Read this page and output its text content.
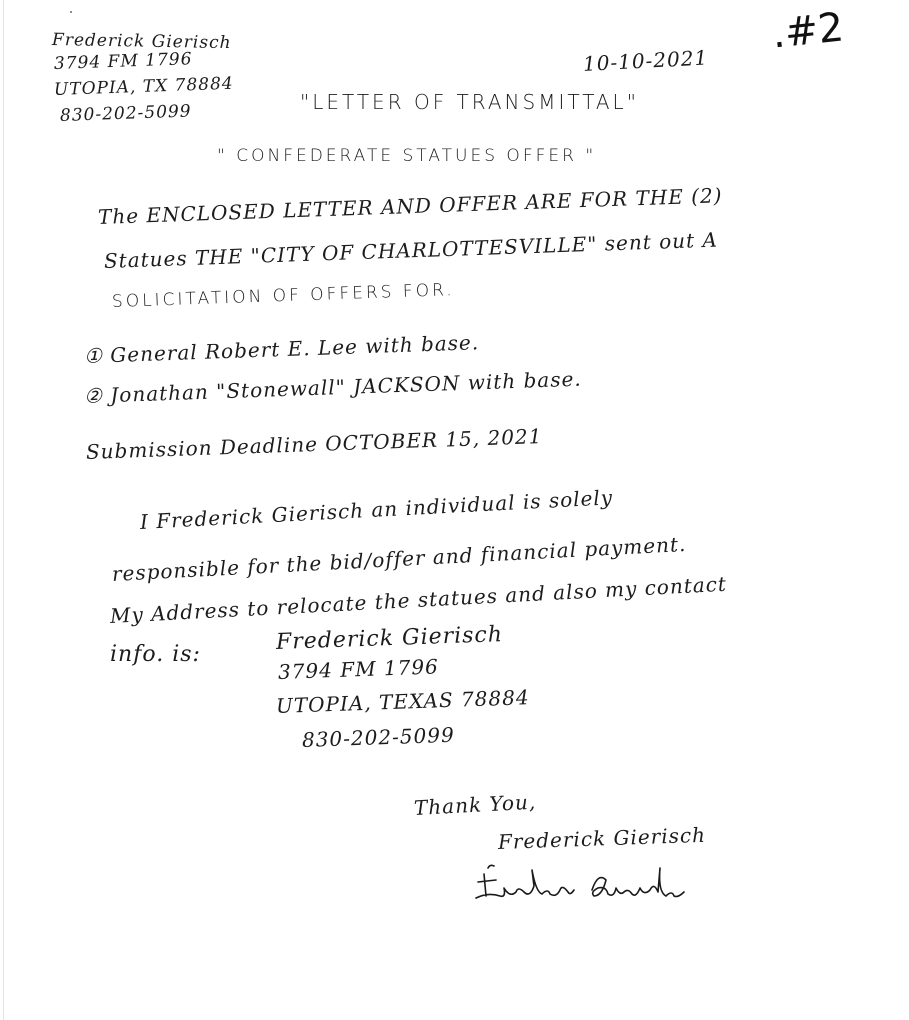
.#2
Frederick Gierisch
3794 FM 1796
UTOPIA, TX 78884
830-202-5099
10-10-2021
"LETTER OF TRANSMITTAL"
" CONFEDERATE STATUES OFFER "
The ENCLOSED LETTER AND OFFER ARE FOR THE (2)
Statues THE "CITY OF CHARLOTTESVILLE" sent out A
SOLICITATION OF OFFERS FOR.
① General Robert E. Lee with base.
② Jonathan "Stonewall" JACKSON with base.
Submission Deadline OCTOBER 15, 2021
I Frederick Gierisch an individual is solely
responsible for the bid/offer and financial payment.
My Address to relocate the statues and also my contact
info. is:	Frederick Gierisch
3794 FM 1796
UTOPIA, TEXAS 78884
830-202-5099
Thank You,
Frederick Gierisch
